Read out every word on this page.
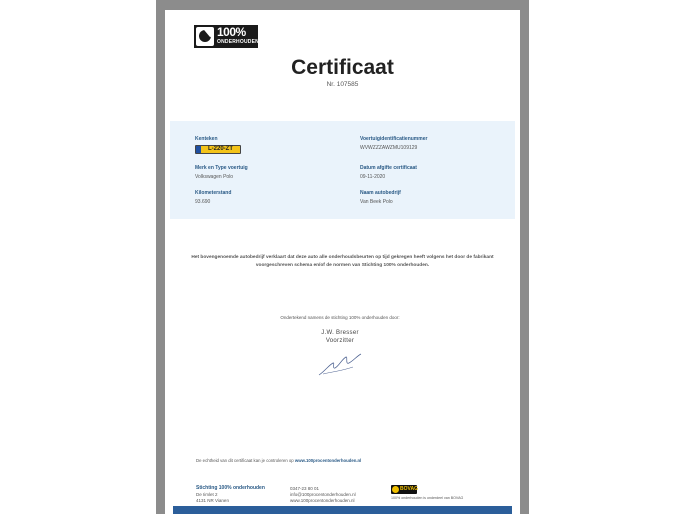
100%
ONDERHOUDEN
Certificaat
Nr. 107585
Kenteken
L-220-ZT
Voertuigidentificatienummer
WVWZZZAWZMU109129
Merk en Type voertuig
Volkswagen Polo
Datum afgifte certificaat
09-11-2020
Kilometerstand
93.690
Naam autobedrijf
Van Beek Polo
Het bovengenoemde autobedrijf verklaart dat deze auto alle onderhoudsbeurten op tijd gekregen heeft volgens het door de fabrikant
voorgeschreven schema en/of de normen van Stichting 100% onderhouden.
Ondertekend namens de stichting 100% onderhouden door:
J.W. Bresser
Voorzitter
De echtheid van dit certificaat kan je controleren op www.100procentonderhouden.nl
Stichting 100% onderhouden
De Iimlet 2
4131 NR Vianen
0347-23 80 01
info@100procentonderhouden.nl
www.100procentonderhouden.nl
BOVAG
100% onderhouden is onderdeel van BOVAG
